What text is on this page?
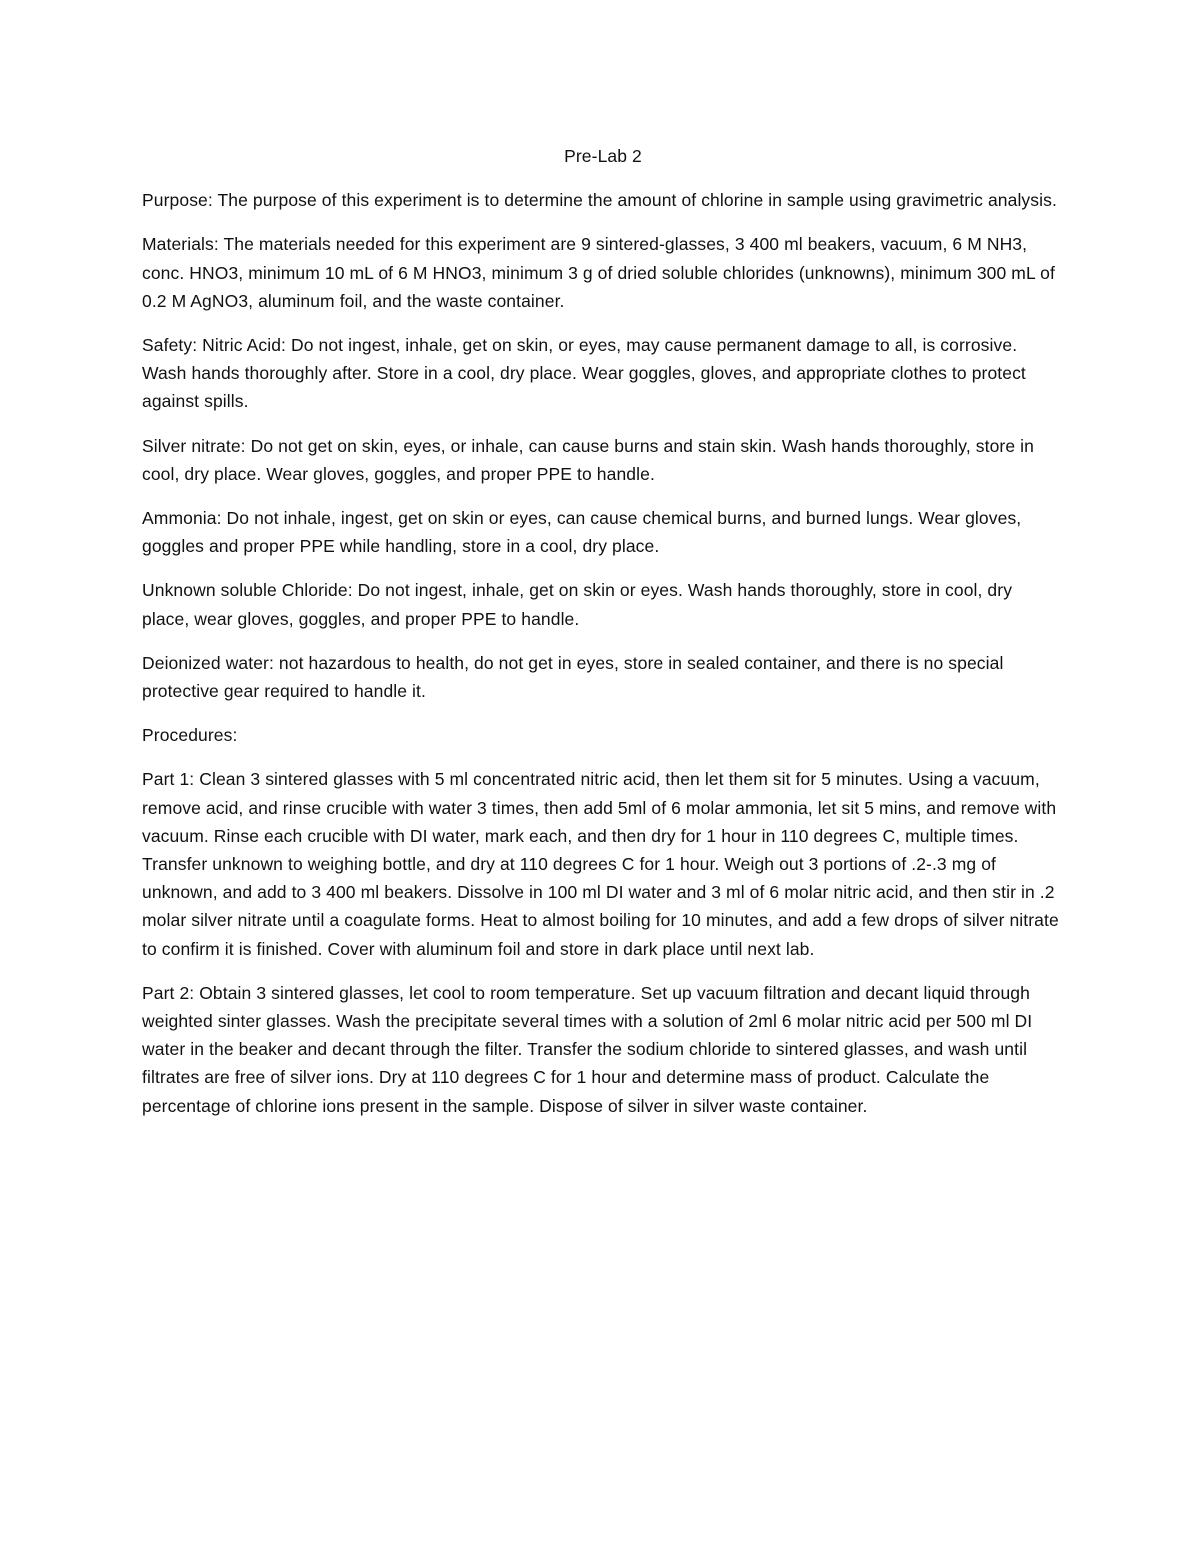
Pre-Lab 2

Purpose: The purpose of this experiment is to determine the amount of chlorine in sample using gravimetric analysis.

Materials: The materials needed for this experiment are 9 sintered-glasses, 3 400 ml beakers, vacuum, 6 M NH3, conc. HNO3, minimum 10 mL of 6 M HNO3, minimum 3 g of dried soluble chlorides (unknowns), minimum 300 mL of 0.2 M AgNO3, aluminum foil, and the waste container.

Safety: Nitric Acid: Do not ingest, inhale, get on skin, or eyes, may cause permanent damage to all, is corrosive. Wash hands thoroughly after. Store in a cool, dry place. Wear goggles, gloves, and appropriate clothes to protect against spills.

Silver nitrate: Do not get on skin, eyes, or inhale, can cause burns and stain skin. Wash hands thoroughly, store in cool, dry place. Wear gloves, goggles, and proper PPE to handle.

Ammonia: Do not inhale, ingest, get on skin or eyes, can cause chemical burns, and burned lungs. Wear gloves, goggles and proper PPE while handling, store in a cool, dry place.

Unknown soluble Chloride: Do not ingest, inhale, get on skin or eyes. Wash hands thoroughly, store in cool, dry place, wear gloves, goggles, and proper PPE to handle.

Deionized water: not hazardous to health, do not get in eyes, store in sealed container, and there is no special protective gear required to handle it.

Procedures:

Part 1: Clean 3 sintered glasses with 5 ml concentrated nitric acid, then let them sit for 5 minutes. Using a vacuum, remove acid, and rinse crucible with water 3 times, then add 5ml of 6 molar ammonia, let sit 5 mins, and remove with vacuum. Rinse each crucible with DI water, mark each, and then dry for 1 hour in 110 degrees C, multiple times. Transfer unknown to weighing bottle, and dry at 110 degrees C for 1 hour. Weigh out 3 portions of .2-.3 mg of unknown, and add to 3 400 ml beakers. Dissolve in 100 ml DI water and 3 ml of 6 molar nitric acid, and then stir in .2 molar silver nitrate until a coagulate forms. Heat to almost boiling for 10 minutes, and add a few drops of silver nitrate to confirm it is finished. Cover with aluminum foil and store in dark place until next lab.

Part 2: Obtain 3 sintered glasses, let cool to room temperature. Set up vacuum filtration and decant liquid through weighted sinter glasses. Wash the precipitate several times with a solution of 2ml 6 molar nitric acid per 500 ml DI water in the beaker and decant through the filter. Transfer the sodium chloride to sintered glasses, and wash until filtrates are free of silver ions. Dry at 110 degrees C for 1 hour and determine mass of product. Calculate the percentage of chlorine ions present in the sample. Dispose of silver in silver waste container.
